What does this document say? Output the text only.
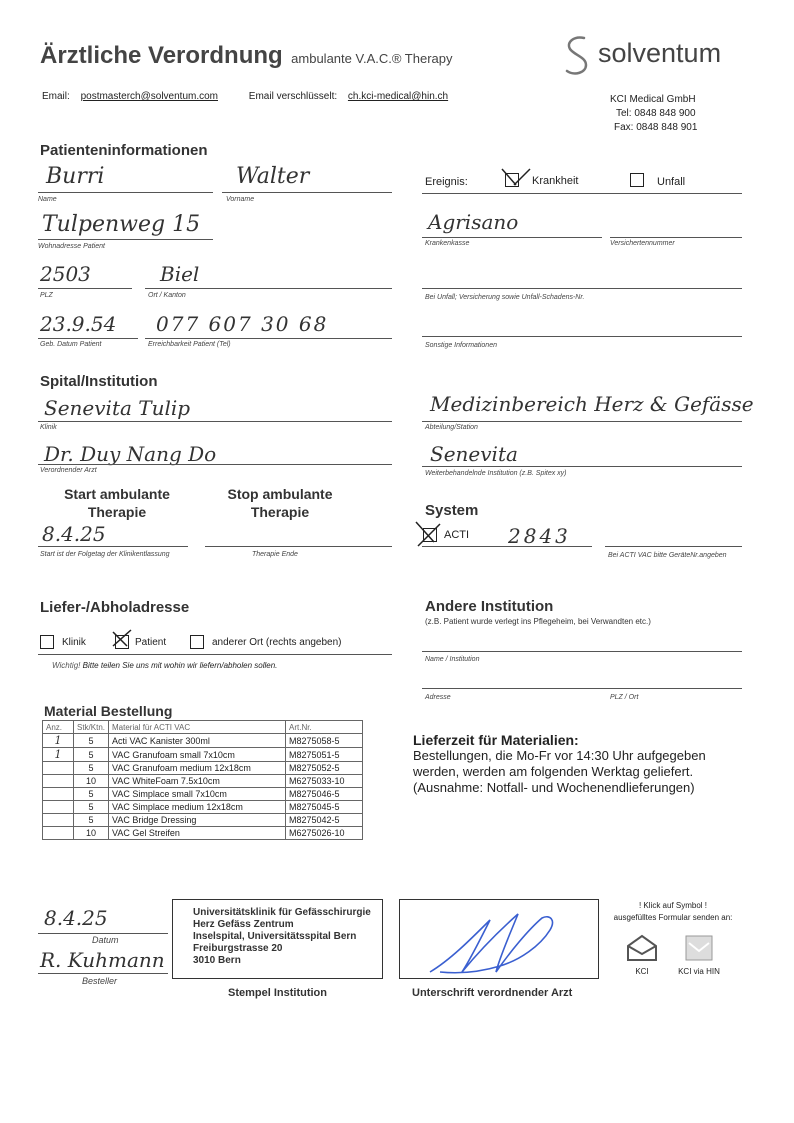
Ärztliche Verordnung ambulante V.A.C.® Therapy	solventum
Email: postmasterch@solventum.com	Email verschlüsselt: ch.kci-medical@hin.ch	KCI Medical GmbH
Tel: 0848 848 900
Fax: 0848 848 901
Patienteninformationen
Burri
Name
Walter
Vorname
Tulpenweg 15
Wohnadresse Patient
2503
PLZ
Biel
Ort / Kanton
23.9.54
Geb. Datum Patient
077 607 30 68
Erreichbarkeit Patient (Tel)
Ereignis:	Krankheit	Unfall
Agrisano
Krankenkasse	Versichertennummer
Bei Unfall; Versicherung sowie Unfall-Schadens-Nr.
Sonstige Informationen
Spital/Institution
Senevita Tulip
Klinik
Dr. Duy Nang Do
Verordnender Arzt
Medizinbereich Herz & Gefässe
Abteilung/Station
Senevita
Weiterbehandelnde Institution (z.B. Spitex xy)
Start ambulante Therapie
Stop ambulante Therapie
8.4.25
Start ist der Folgetag der Klinikentlassung	Therapie Ende
System
ACTI 2843
Bei ACTI VAC bitte GeräteNr.angeben
Liefer-/Abholadresse
Klinik	Patient	anderer Ort (rechts angeben)
Wichtig! Bitte teilen Sie uns mit wohin wir liefern/abholen sollen.
Andere Institution
(z.B. Patient wurde verlegt ins Pflegeheim, bei Verwandten etc.)
Name / Institution
Adresse	PLZ / Ort
Material Bestellung
Anz.	Stk/Ktn.	Material für ACTI VAC	Art.Nr.
1	5	Acti VAC Kanister 300ml	M8275058-5
1	5	VAC Granufoam small 7x10cm	M8275051-5
	5	VAC Granufoam medium 12x18cm	M8275052-5
	10	VAC WhiteFoam 7.5x10cm	M6275033-10
	5	VAC Simplace small 7x10cm	M8275046-5
	5	VAC Simplace medium 12x18cm	M8275045-5
	5	VAC Bridge Dressing	M8275042-5
	10	VAC Gel Streifen	M6275026-10
Lieferzeit für Materialien:
Bestellungen, die Mo-Fr vor 14:30 Uhr aufgegeben
werden, werden am folgenden Werktag geliefert.
(Ausnahme: Notfall- und Wochenendlieferungen)
8.4.25
Datum
R. Kuhmann
Besteller
Universitätsklinik für Gefässchirurgie
Herz Gefäss Zentrum
Inselspital, Universitätsspital Bern
Freiburgstrasse 20
3010 Bern
Stempel Institution	Unterschrift verordnender Arzt
! Klick auf Symbol !
ausgefülltes Formular senden an:
KCI	KCI via HIN
